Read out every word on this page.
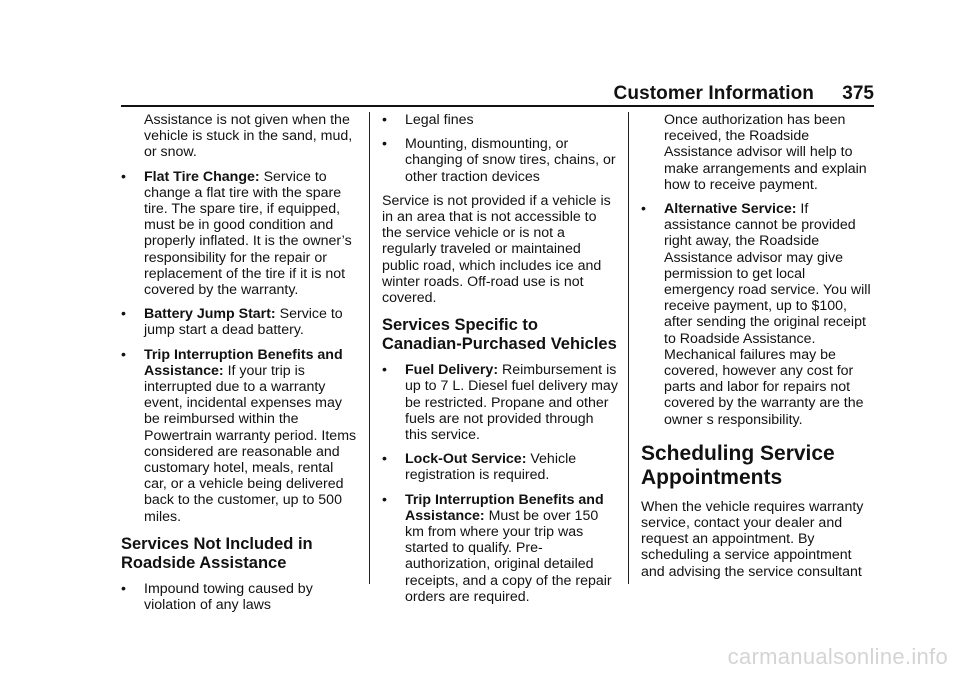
Customer Information 375

Assistance is not given when the vehicle is stuck in the sand, mud, or snow.

• Flat Tire Change: Service to change a flat tire with the spare tire. The spare tire, if equipped, must be in good condition and properly inflated. It is the owner’s responsibility for the repair or replacement of the tire if it is not covered by the warranty.
• Battery Jump Start: Service to jump start a dead battery.
• Trip Interruption Benefits and Assistance: If your trip is interrupted due to a warranty event, incidental expenses may be reimbursed within the Powertrain warranty period. Items considered are reasonable and customary hotel, meals, rental car, or a vehicle being delivered back to the customer, up to 500 miles.
Services Not Included in Roadside Assistance
• Impound towing caused by violation of any laws
• Legal fines
• Mounting, dismounting, or changing of snow tires, chains, or other traction devices

Service is not provided if a vehicle is in an area that is not accessible to the service vehicle or is not a regularly traveled or maintained public road, which includes ice and winter roads. Off-road use is not covered.

Services Specific to Canadian-Purchased Vehicles
• Fuel Delivery: Reimbursement is up to 7 L. Diesel fuel delivery may be restricted. Propane and other fuels are not provided through this service.
• Lock-Out Service: Vehicle registration is required.
• Trip Interruption Benefits and Assistance: Must be over 150 km from where your trip was started to qualify. Pre-authorization, original detailed receipts, and a copy of the repair orders are required.

Once authorization has been received, the Roadside Assistance advisor will help to make arrangements and explain how to receive payment.

• Alternative Service: If assistance cannot be provided right away, the Roadside Assistance advisor may give permission to get local emergency road service. You will receive payment, up to $100, after sending the original receipt to Roadside Assistance. Mechanical failures may be covered, however any cost for parts and labor for repairs not covered by the warranty are the owner s responsibility.
Scheduling Service Appointments

When the vehicle requires warranty service, contact your dealer and request an appointment. By scheduling a service appointment and advising the service consultant

carmanualsonline.info
